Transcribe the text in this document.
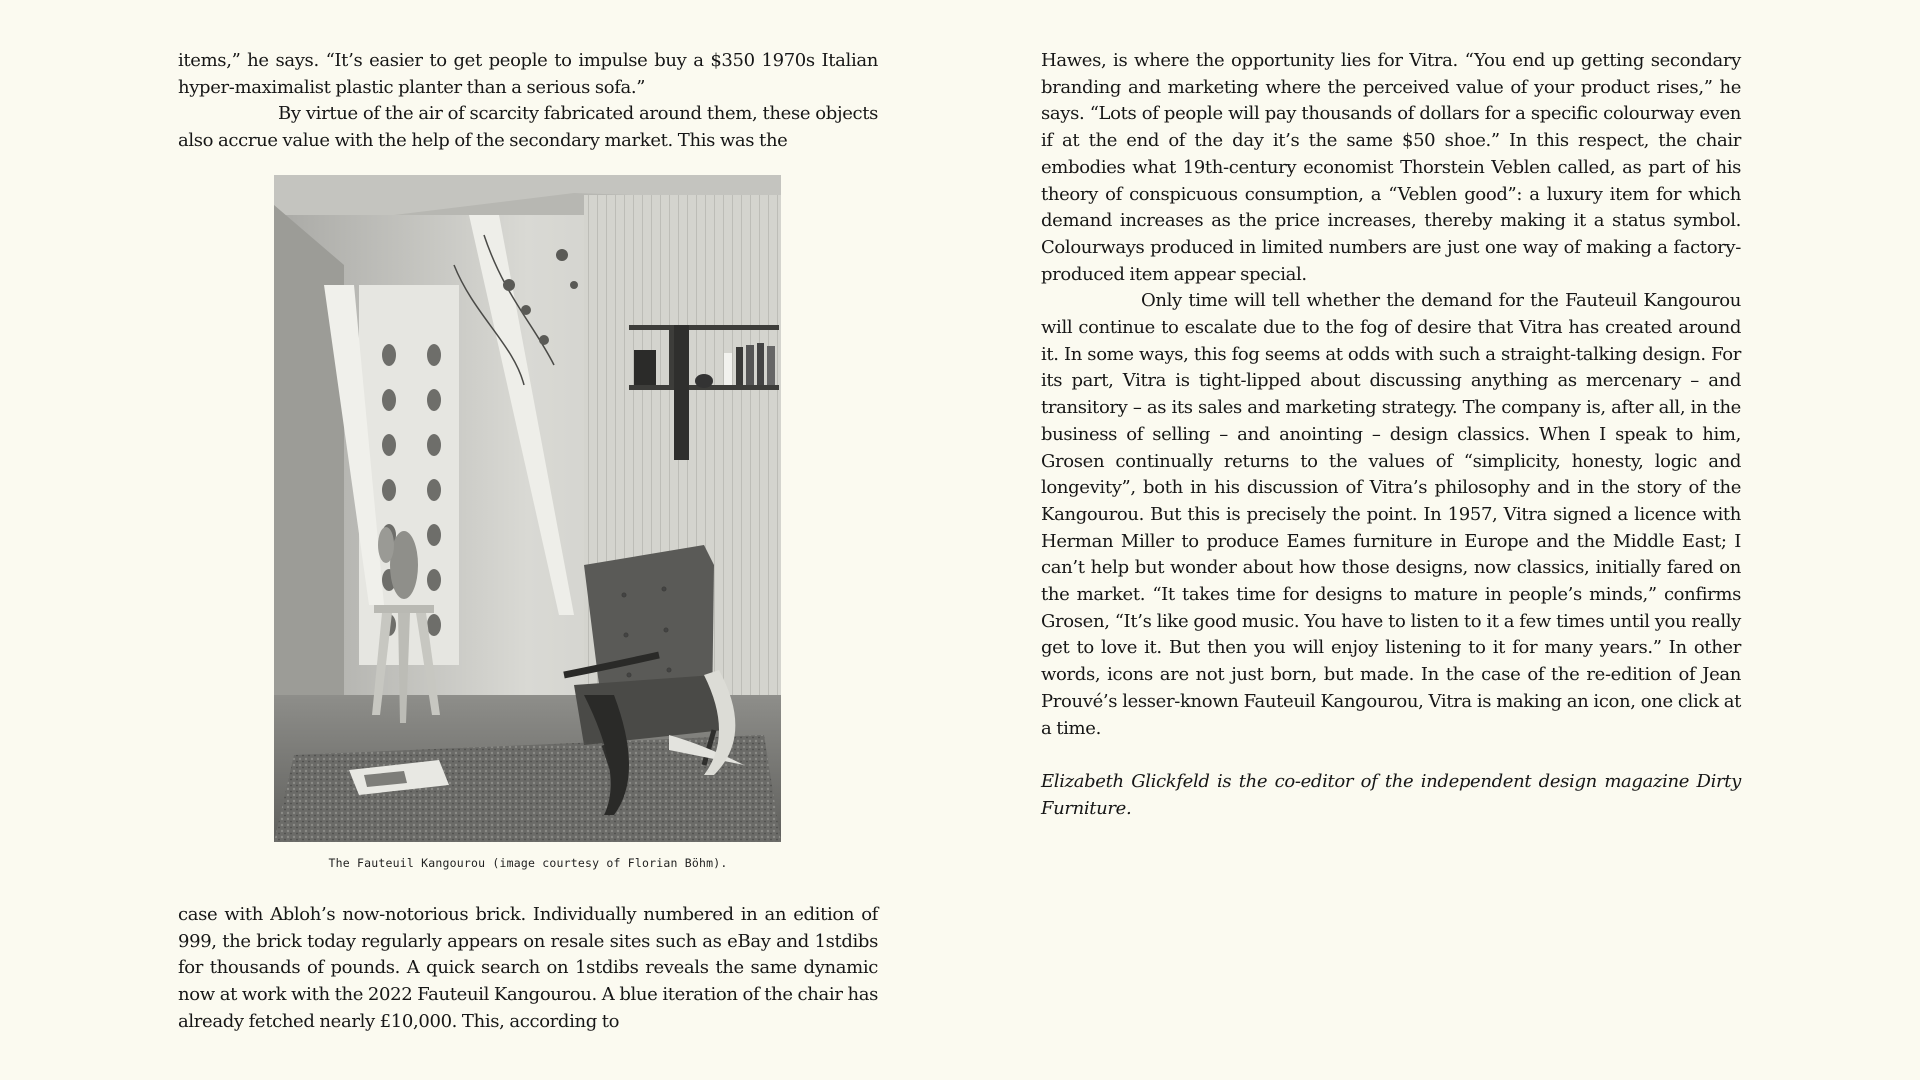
items,” he says. “It’s easier to get people to impulse buy a $350 1970s Italian hyper-maximalist plastic planter than a serious sofa.”

By virtue of the air of scarcity fabricated around them, these objects also accrue value with the help of the secondary market. This was the

The Fauteuil Kangourou (image courtesy of Florian Böhm).

case with Abloh’s now-notorious brick. Individually numbered in an edition of 999, the brick today regularly appears on resale sites such as eBay and 1stdibs for thousands of pounds. A quick search on 1stdibs reveals the same dynamic now at work with the 2022 Fauteuil Kangourou. A blue iteration of the chair has already fetched nearly £10,000. This, according to

Hawes, is where the opportunity lies for Vitra. “You end up getting secondary branding and marketing where the perceived value of your product rises,” he says. “Lots of people will pay thousands of dollars for a specific colourway even if at the end of the day it’s the same $50 shoe.” In this respect, the chair embodies what 19th-century economist Thorstein Veblen called, as part of his theory of conspicuous consumption, a “Veblen good”: a luxury item for which demand increases as the price increases, thereby making it a status symbol. Colourways produced in limited numbers are just one way of making a factory-produced item appear special.

Only time will tell whether the demand for the Fauteuil Kangourou will continue to escalate due to the fog of desire that Vitra has created around it. In some ways, this fog seems at odds with such a straight-talking design. For its part, Vitra is tight-lipped about discussing anything as mercenary – and transitory – as its sales and marketing strategy. The company is, after all, in the business of selling – and anointing – design classics. When I speak to him, Grosen continually returns to the values of “simplicity, honesty, logic and longevity”, both in his discussion of Vitra’s philosophy and in the story of the Kangourou. But this is precisely the point. In 1957, Vitra signed a licence with Herman Miller to produce Eames furniture in Europe and the Middle East; I can’t help but wonder about how those designs, now classics, initially fared on the market. “It takes time for designs to mature in people’s minds,” confirms Grosen, “It’s like good music. You have to listen to it a few times until you really get to love it. But then you will enjoy listening to it for many years.” In other words, icons are not just born, but made. In the case of the re-edition of Jean Prouvé’s lesser-known Fauteuil Kangourou, Vitra is making an icon, one click at a time.

Elizabeth Glickfeld is the co-editor of the independent design magazine Dirty Furniture.
